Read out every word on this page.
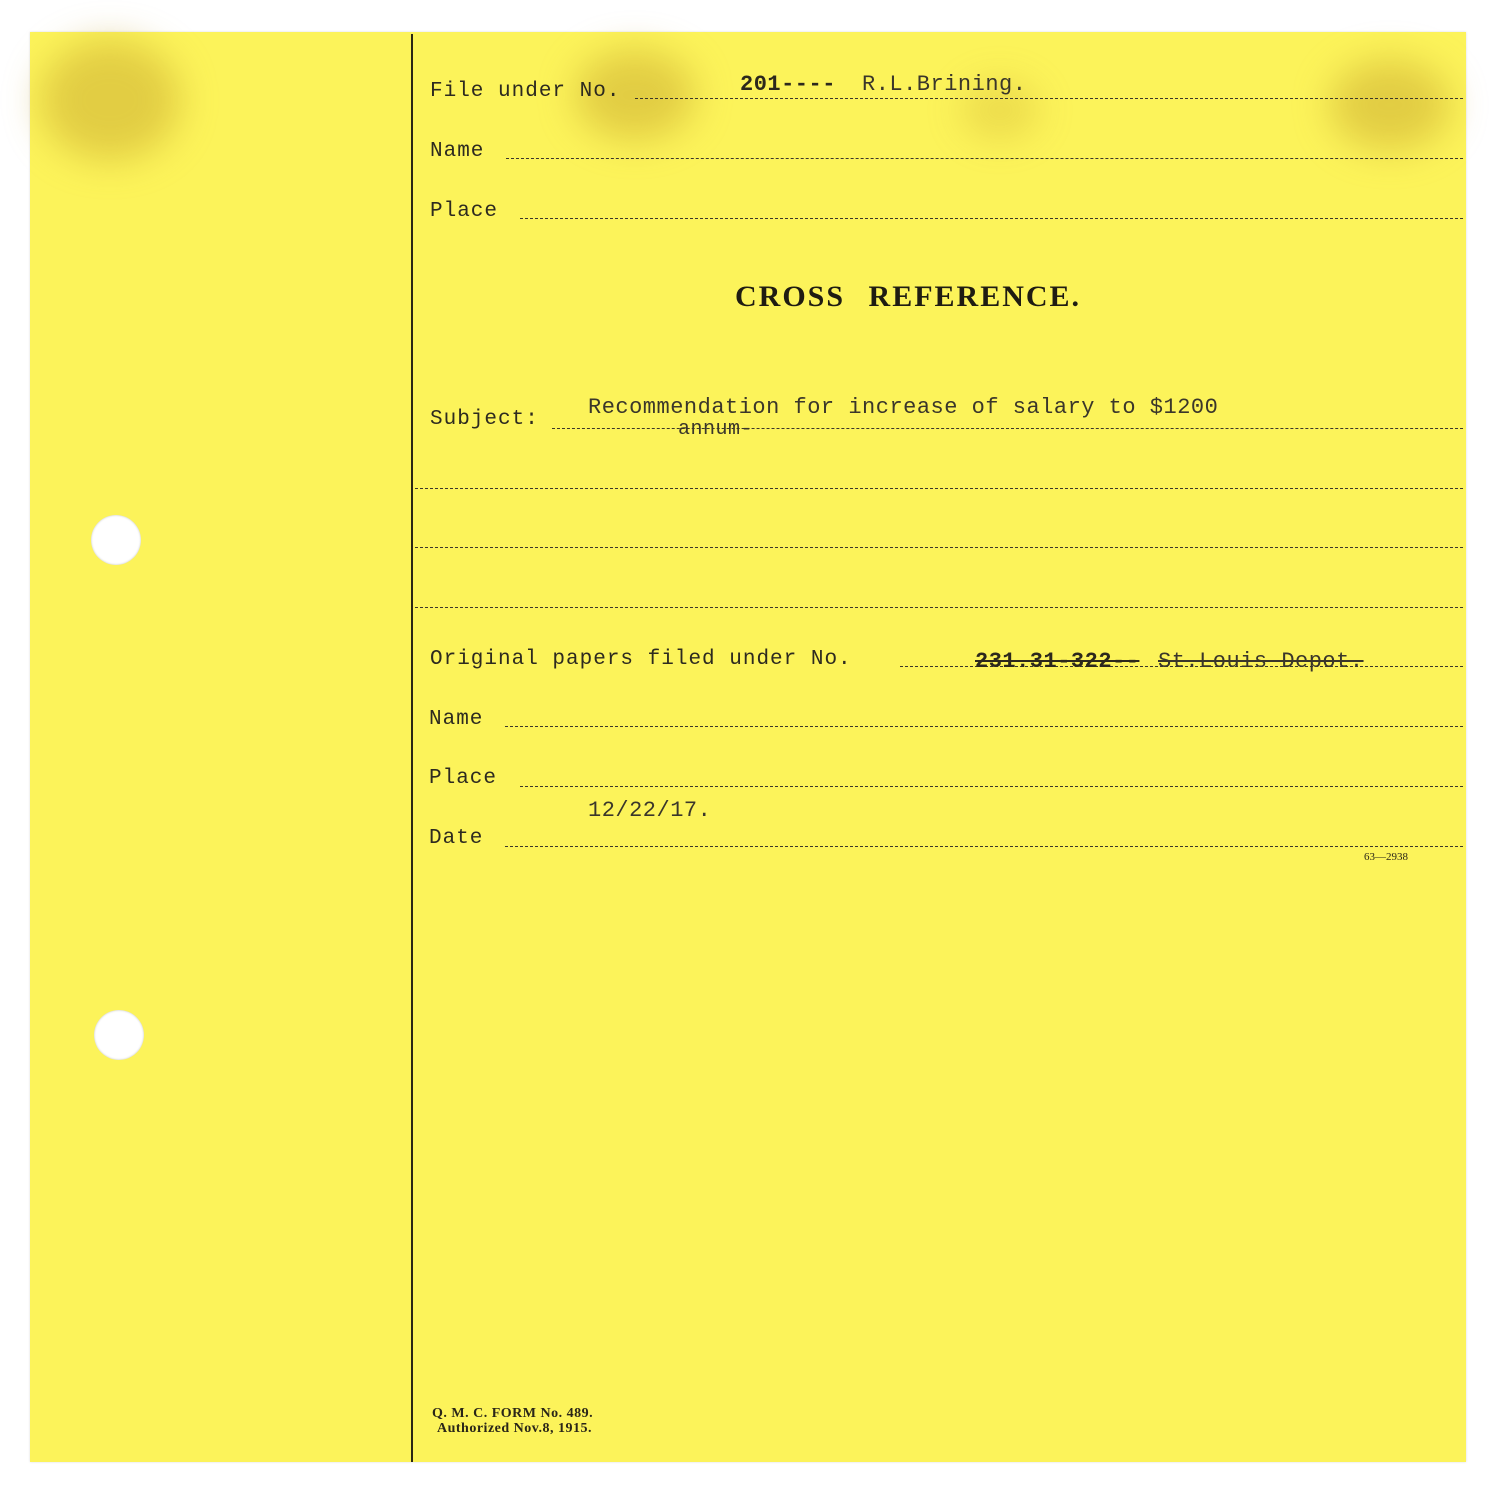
File under No.	201---- R.L.Brining.
Name
Place
CROSS REFERENCE.
Subject: Recommendation for increase of salary to $1200
annum-
Original papers filed under No.	231.31-322-- St.Louis Depot.
Name
Place
12/22/17.
Date
63—2938
Q. M. C. FORM No. 489.
Authorized Nov.8, 1915.
